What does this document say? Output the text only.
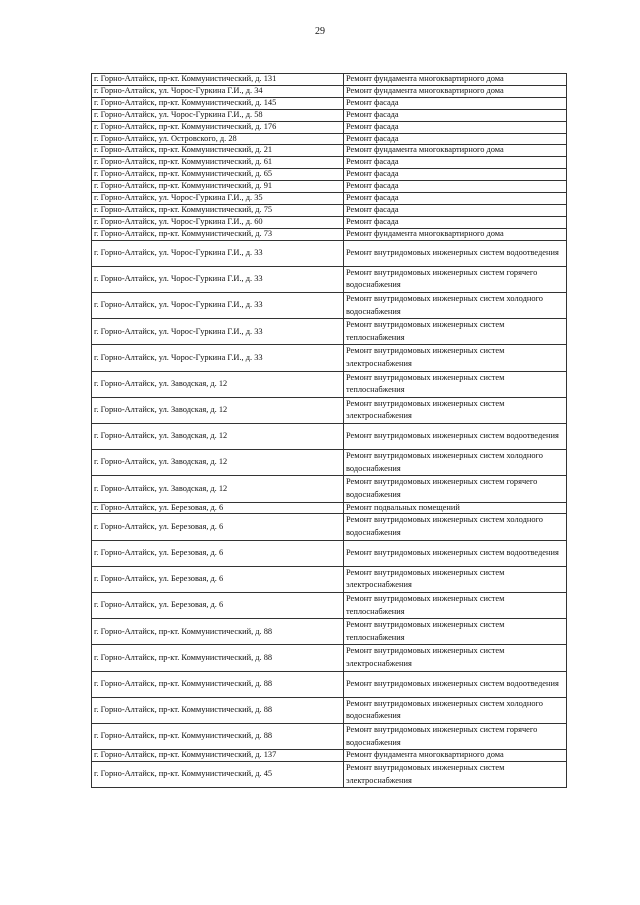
29
г. Горно-Алтайск, пр-кт. Коммунистический, д. 131	Ремонт фундамента многоквартирного дома
г. Горно-Алтайск, ул. Чорос-Гуркина Г.И., д. 34	Ремонт фундамента многоквартирного дома
г. Горно-Алтайск, пр-кт. Коммунистический, д. 145	Ремонт фасада
г. Горно-Алтайск, ул. Чорос-Гуркина Г.И., д. 58	Ремонт фасада
г. Горно-Алтайск, пр-кт. Коммунистический, д. 176	Ремонт фасада
г. Горно-Алтайск, ул. Островского, д. 28	Ремонт фасада
г. Горно-Алтайск, пр-кт. Коммунистический, д. 21	Ремонт фундамента многоквартирного дома
г. Горно-Алтайск, пр-кт. Коммунистический, д. 61	Ремонт фасада
г. Горно-Алтайск, пр-кт. Коммунистический, д. 65	Ремонт фасада
г. Горно-Алтайск, пр-кт. Коммунистический, д. 91	Ремонт фасада
г. Горно-Алтайск, ул. Чорос-Гуркина Г.И., д. 35	Ремонт фасада
г. Горно-Алтайск, пр-кт. Коммунистический, д. 75	Ремонт фасада
г. Горно-Алтайск, ул. Чорос-Гуркина Г.И., д. 60	Ремонт фасада
г. Горно-Алтайск, пр-кт. Коммунистический, д. 73	Ремонт фундамента многоквартирного дома
г. Горно-Алтайск, ул. Чорос-Гуркина Г.И., д. 33	Ремонт внутридомовых инженерных систем водоотведения
г. Горно-Алтайск, ул. Чорос-Гуркина Г.И., д. 33	Ремонт внутридомовых инженерных систем горячего водоснабжения
г. Горно-Алтайск, ул. Чорос-Гуркина Г.И., д. 33	Ремонт внутридомовых инженерных систем холодного водоснабжения
г. Горно-Алтайск, ул. Чорос-Гуркина Г.И., д. 33	Ремонт внутридомовых инженерных систем теплоснабжения
г. Горно-Алтайск, ул. Чорос-Гуркина Г.И., д. 33	Ремонт внутридомовых инженерных систем электроснабжения
г. Горно-Алтайск, ул. Заводская, д. 12	Ремонт внутридомовых инженерных систем теплоснабжения
г. Горно-Алтайск, ул. Заводская, д. 12	Ремонт внутридомовых инженерных систем электроснабжения
г. Горно-Алтайск, ул. Заводская, д. 12	Ремонт внутридомовых инженерных систем водоотведения
г. Горно-Алтайск, ул. Заводская, д. 12	Ремонт внутридомовых инженерных систем холодного водоснабжения
г. Горно-Алтайск, ул. Заводская, д. 12	Ремонт внутридомовых инженерных систем горячего водоснабжения
г. Горно-Алтайск, ул. Березовая, д. 6	Ремонт подвальных помещений
г. Горно-Алтайск, ул. Березовая, д. 6	Ремонт внутридомовых инженерных систем холодного водоснабжения
г. Горно-Алтайск, ул. Березовая, д. 6	Ремонт внутридомовых инженерных систем водоотведения
г. Горно-Алтайск, ул. Березовая, д. 6	Ремонт внутридомовых инженерных систем электроснабжения
г. Горно-Алтайск, ул. Березовая, д. 6	Ремонт внутридомовых инженерных систем теплоснабжения
г. Горно-Алтайск, пр-кт. Коммунистический, д. 88	Ремонт внутридомовых инженерных систем теплоснабжения
г. Горно-Алтайск, пр-кт. Коммунистический, д. 88	Ремонт внутридомовых инженерных систем электроснабжения
г. Горно-Алтайск, пр-кт. Коммунистический, д. 88	Ремонт внутридомовых инженерных систем водоотведения
г. Горно-Алтайск, пр-кт. Коммунистический, д. 88	Ремонт внутридомовых инженерных систем холодного водоснабжения
г. Горно-Алтайск, пр-кт. Коммунистический, д. 88	Ремонт внутридомовых инженерных систем горячего водоснабжения
г. Горно-Алтайск, пр-кт. Коммунистический, д. 137	Ремонт фундамента многоквартирного дома
г. Горно-Алтайск, пр-кт. Коммунистический, д. 45	Ремонт внутридомовых инженерных систем электроснабжения
